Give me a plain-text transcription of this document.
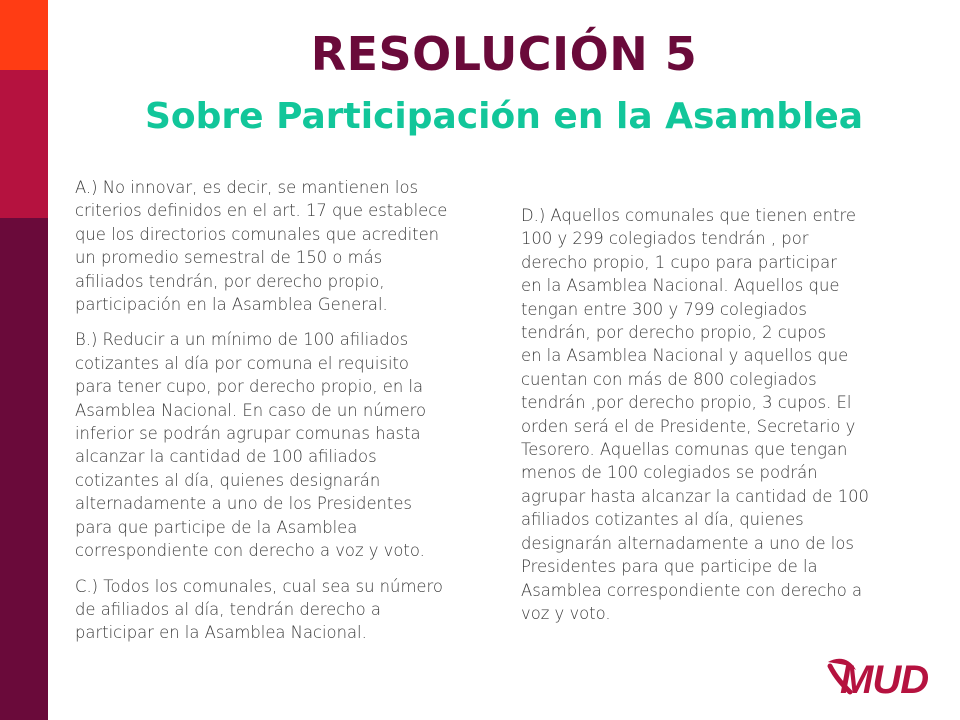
RESOLUCIÓN 5
Sobre Participación en la Asamblea
A.) No innovar, es decir, se mantienen los
criterios definidos en el art. 17 que establece
que los directorios comunales que acrediten
un promedio semestral de 150 o más
afiliados tendrán, por derecho propio,
participación en la Asamblea General.
B.) Reducir a un mínimo de 100 afiliados
cotizantes al día por comuna el requisito
para tener cupo, por derecho propio, en la
Asamblea Nacional. En caso de un número
inferior se podrán agrupar comunas hasta
alcanzar la cantidad de 100 afiliados
cotizantes al día, quienes designarán
alternadamente a uno de los Presidentes
para que participe de la Asamblea
correspondiente con derecho a voz y voto.
C.) Todos los comunales, cual sea su número
de afiliados al día, tendrán derecho a
participar en la Asamblea Nacional.
D.) Aquellos comunales que tienen entre
100 y 299 colegiados tendrán , por
derecho propio, 1 cupo para participar
en la Asamblea Nacional. Aquellos que
tengan entre 300 y 799 colegiados
tendrán, por derecho propio, 2 cupos
en la Asamblea Nacional y aquellos que
cuentan con más de 800 colegiados
tendrán ,por derecho propio, 3 cupos. El
orden será el de Presidente, Secretario y
Tesorero. Aquellas comunas que tengan
menos de 100 colegiados se podrán
agrupar hasta alcanzar la cantidad de 100
afiliados cotizantes al día, quienes
designarán alternadamente a uno de los
Presidentes para que participe de la
Asamblea correspondiente con derecho a
voz y voto.
MUD
